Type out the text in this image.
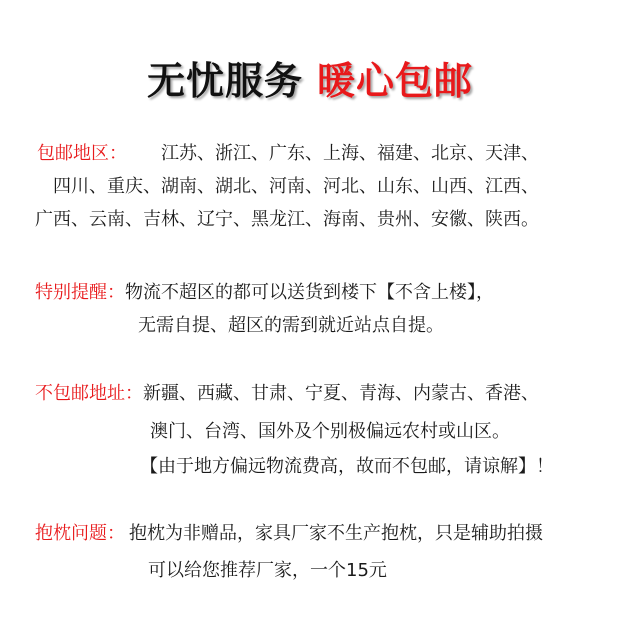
无忧服务 暖心包邮
包邮地区： 江苏、浙江、广东、上海、福建、北京、天津、
四川、重庆、湖南、湖北、河南、河北、山东、山西、江西、
广西、云南、吉林、辽宁、黑龙江、海南、贵州、安徽、陕西。
特别提醒：物流不超区的都可以送货到楼下【不含上楼】，
无需自提、超区的需到就近站点自提。
不包邮地址：新疆、西藏、甘肃、宁夏、青海、内蒙古、香港、
澳门、台湾、国外及个别极偏远农村或山区。
【由于地方偏远物流费高，故而不包邮，请谅解】！
抱枕问题： 抱枕为非赠品，家具厂家不生产抱枕，只是辅助拍摄
可以给您推荐厂家，一个15元
